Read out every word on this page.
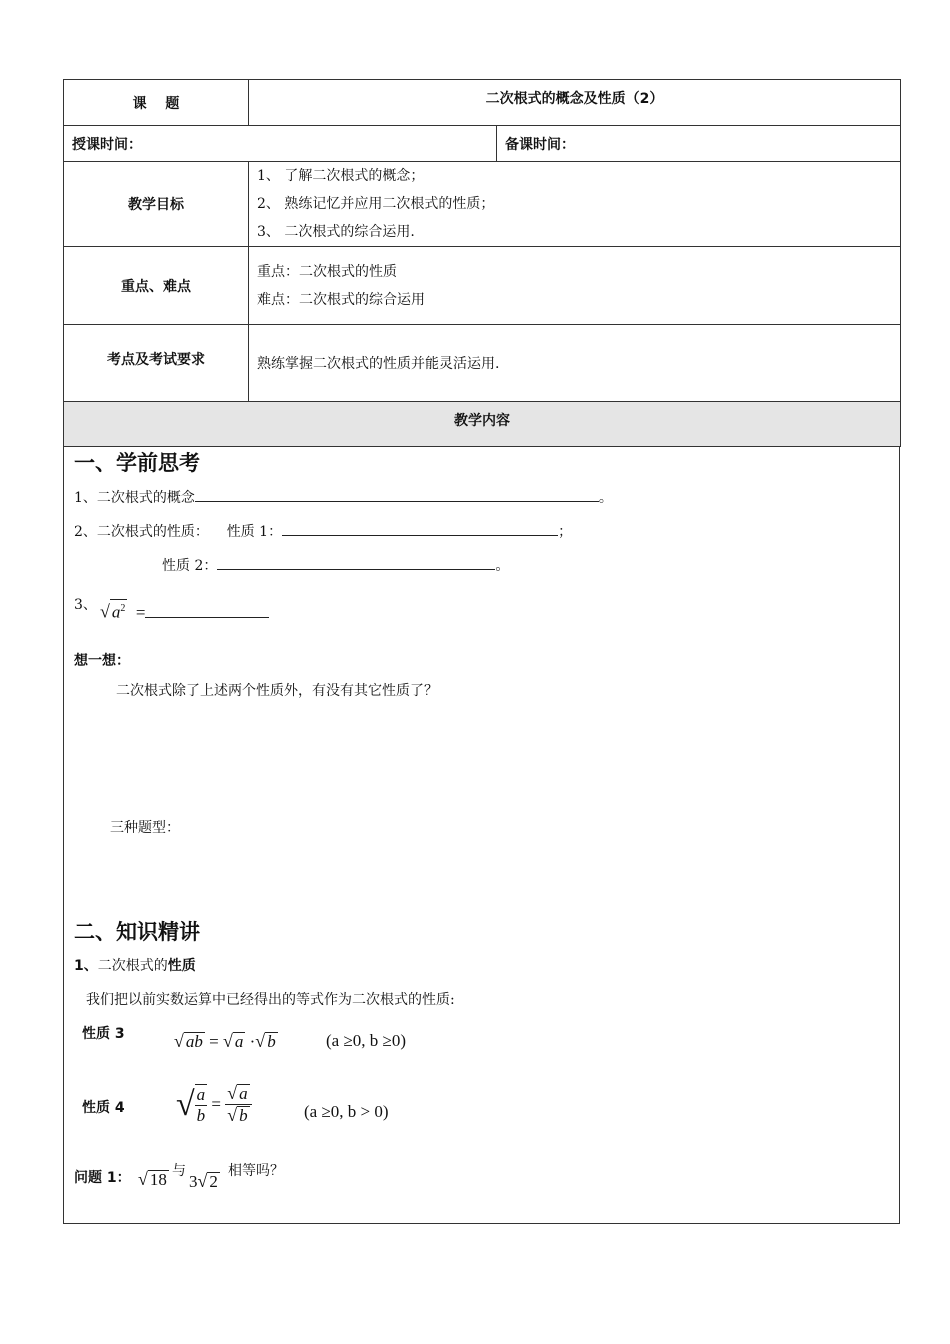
课　 题	二次根式的概念及性质（2）	
授课时间：		备课时间：
教学目标	1、 了解二次根式的概念；
2、 熟练记忆并应用二次根式的性质；
3、 二次根式的综合运用.	

重点、难点	重点：二次根式的性质
难点：二次根式的综合运用	

考点及考试要求	熟练掌握二次根式的性质并能灵活运用.	
教学内容		
一、学前思考
1、二次根式的概念	。
2、二次根式的性质： 性质 1：	；
性质 2：	。
3、 √ $a^2$ =
想一想：
二次根式除了上述两个性质外，有没有其它性质了？
三种题型：
二、知识精讲
1、二次根式的性质
我们把以前实数运算中已经得出的等式作为二次根式的性质:
性质 3	√ ab = √ a ·√ b	(a ≥0, b ≥0)
性质 4 √ $\frac{a}{b} = \frac{√ a}{√ b}$	(a ≥0, b > 0)
问题 1： √ 18 与
3√ 2
相等吗？
